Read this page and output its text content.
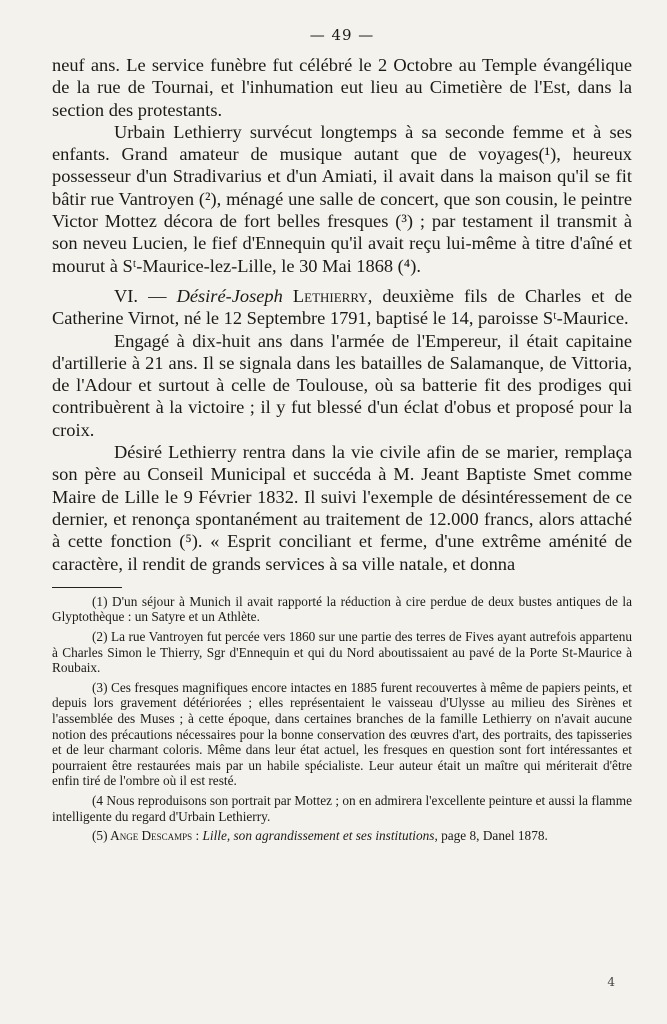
— 49 —

neuf ans. Le service funèbre fut célébré le 2 Octobre au Temple évangélique de la rue de Tournai, et l'inhumation eut lieu au Cimetière de l'Est, dans la section des protestants.

Urbain Lethierry survécut longtemps à sa seconde femme et à ses enfants. Grand amateur de musique autant que de voyages(¹), heureux possesseur d'un Stradivarius et d'un Amiati, il avait dans la maison qu'il se fit bâtir rue Vantroyen (²), ménagé une salle de concert, que son cousin, le peintre Victor Mottez décora de fort belles fresques (³) ; par testament il transmit à son neveu Lucien, le fief d'Ennequin qu'il avait reçu lui-même à titre d'aîné et mourut à Sᵗ-Maurice-lez-Lille, le 30 Mai 1868 (⁴).

VI. — Désiré-Joseph Lethierry, deuxième fils de Charles et de Catherine Virnot, né le 12 Septembre 1791, baptisé le 14, paroisse Sᵗ-Maurice.

Engagé à dix-huit ans dans l'armée de l'Empereur, il était capitaine d'artillerie à 21 ans. Il se signala dans les batailles de Salamanque, de Vittoria, de l'Adour et surtout à celle de Toulouse, où sa batterie fit des prodiges qui contribuèrent à la victoire ; il y fut blessé d'un éclat d'obus et proposé pour la croix.

Désiré Lethierry rentra dans la vie civile afin de se marier, remplaça son père au Conseil Municipal et succéda à M. Jeant Baptiste Smet comme Maire de Lille le 9 Février 1832. Il suivi l'exemple de désintéressement de ce dernier, et renonça spontanément au traitement de 12.000 francs, alors attaché à cette fonction (⁵). « Esprit conciliant et ferme, d'une extrême aménité de caractère, il rendit de grands services à sa ville natale, et donna

(1) D'un séjour à Munich il avait rapporté la réduction à cire perdue de deux bustes antiques de la Glyptothèque : un Satyre et un Athlète.

(2) La rue Vantroyen fut percée vers 1860 sur une partie des terres de Fives ayant autrefois appartenu à Charles Simon le Thierry, Sgr d'Ennequin et qui du Nord aboutissaient au pavé de la Porte St-Maurice à Roubaix.

(3) Ces fresques magnifiques encore intactes en 1885 furent recouvertes à même de papiers peints, et depuis lors gravement détériorées ; elles représentaient le vaisseau d'Ulysse au milieu des Sirènes et l'assemblée des Muses ; à cette époque, dans certaines branches de la famille Lethierry on n'avait aucune notion des précautions nécessaires pour la bonne conservation des œuvres d'art, des portraits, des tapisseries et de leur charmant coloris. Même dans leur état actuel, les fresques en question sont fort intéressantes et pourraient être restaurées mais par un habile spécialiste. Leur auteur était un maître qui mériterait d'être enfin tiré de l'ombre où il est resté.

(4 Nous reproduisons son portrait par Mottez ; on en admirera l'excellente peinture et aussi la flamme intelligente du regard d'Urbain Lethierry.

(5) Ange Descamps : Lille, son agrandissement et ses institutions, page 8, Danel 1878.

4
